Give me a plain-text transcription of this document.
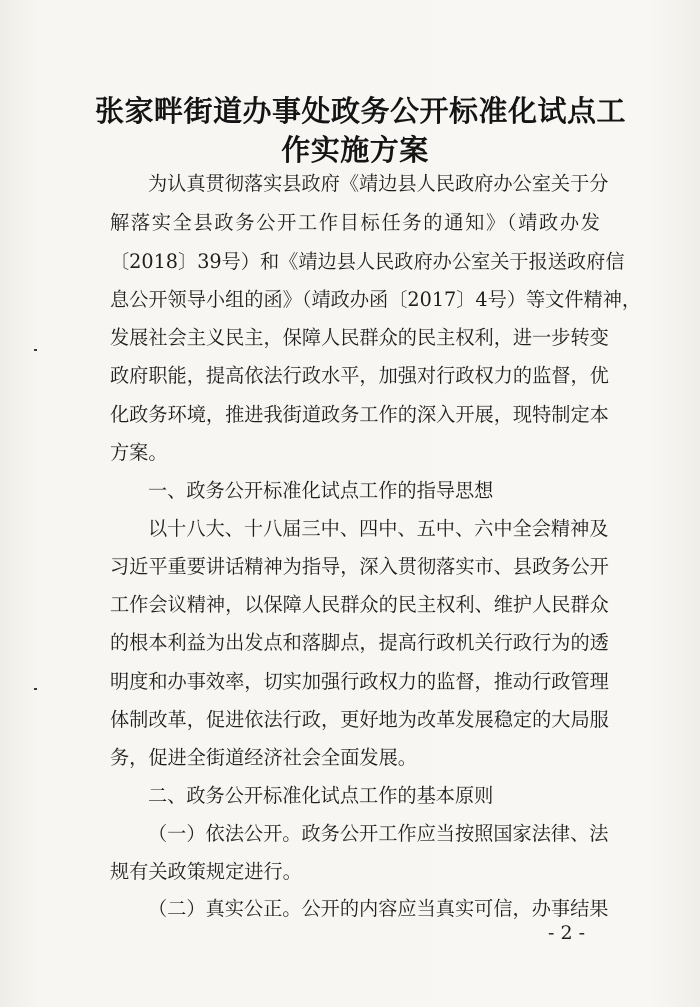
张家畔街道办事处政务公开标准化试点工
作实施方案
为认真贯彻落实县政府《靖边县人民政府办公室关于分
解落实全县政务公开工作目标任务的通知》（靖政办发
〔2018〕39号）和《靖边县人民政府办公室关于报送政府信
息公开领导小组的函》（靖政办函〔2017〕4号）等文件精神，
发展社会主义民主，保障人民群众的民主权利，进一步转变
政府职能，提高依法行政水平，加强对行政权力的监督，优
化政务环境，推进我街道政务工作的深入开展，现特制定本
方案。
一、政务公开标准化试点工作的指导思想
以十八大、十八届三中、四中、五中、六中全会精神及
习近平重要讲话精神为指导，深入贯彻落实市、县政务公开
工作会议精神，以保障人民群众的民主权利、维护人民群众
的根本利益为出发点和落脚点，提高行政机关行政行为的透
明度和办事效率，切实加强行政权力的监督，推动行政管理
体制改革，促进依法行政，更好地为改革发展稳定的大局服
务，促进全街道经济社会全面发展。
二、政务公开标准化试点工作的基本原则
（一）依法公开。政务公开工作应当按照国家法律、法
规有关政策规定进行。
（二）真实公正。公开的内容应当真实可信，办事结果
- 2 -
